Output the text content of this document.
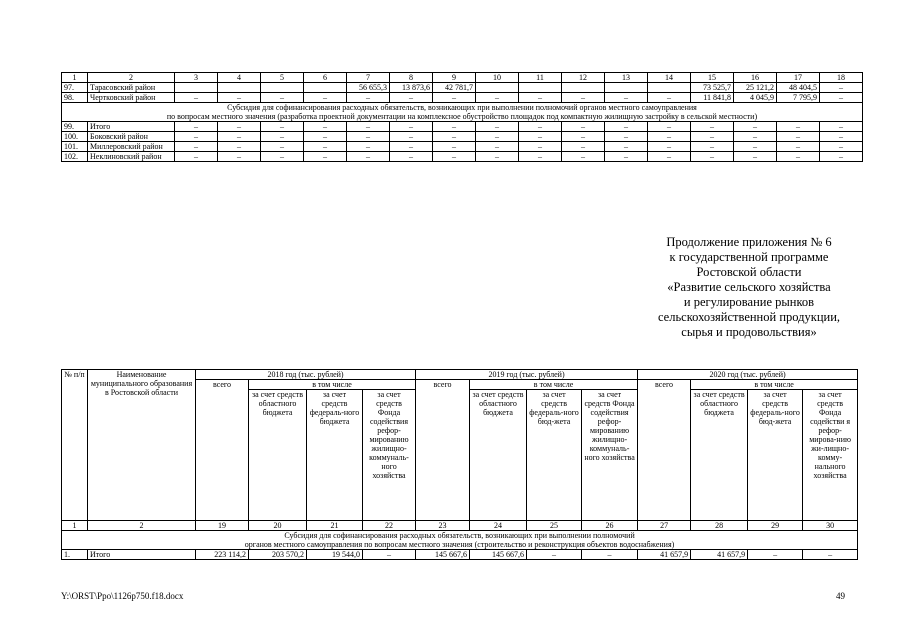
1	2	3	4	5	6	7	8	9	10	11	12	13	14	15	16	17	18
97.	Тарасовский район					56 655,3	13 873,6	42 781,7						73 525,7	25 121,2	48 404,5	–
98.	Чертковский район	–	–	–	–	–	–	–	–	–	–	–	–	11 841,8	4 045,9	7 795,9	–

Субсидия для софинансирования расходных обязательств, возникающих при выполнении полномочий органов местного самоуправления
по вопросам местного значения (разработка проектной документации на комплексное обустройство площадок под компактную жилищную застройку в сельской местности)																	

99.	Итого	–	–	–	–	–	–	–	–	–	–	–	–	–	–	–	–
100.	Боковский район	–	–	–	–	–	–	–	–	–	–	–	–	–	–	–	–
101.	Миллеровский район	–	–	–	–	–	–	–	–	–	–	–	–	–	–	–	–
102.	Неклиновский район	–	–	–	–	–	–	–	–	–	–	–	–	–	–	–	–
Продолжение приложения № 6
к государственной программе
Ростовской области
«Развитие сельского хозяйства
и регулирование рынков
сельскохозяйственной продукции,
сырья и продовольствия»
№ п/п	Наименование муниципального образования в Ростовской области	2018 год (тыс. рублей)				2019 год (тыс. рублей)				2020 год (тыс. рублей)			
		всего	в том числе			всего	в том числе			всего	в том числе		
			за счет средств областного бюджета	за счет средств федераль-ного бюджета	за счет средств Фонда содействия рефор-мированию жилищно-коммуналь-ного хозяйства		за счет средств областного бюджета	за счет средств федераль-ного бюд-жета	за счет средств Фонда содействия рефор-мированию жилищно-коммуналь-ного хозяйства		за счет средств областного бюджета	за счет средств федераль-ного бюд-жета	за счет средств Фонда содействи я рефор-мирова-нию жи-лищно-комму-нального хозяйства
1	2	19	20	21	22	23	24	25	26	27	28	29	30

Субсидия для софинансирования расходных обязательств, возникающих при выполнении полномочий
органов местного самоуправления по вопросам местного значения (строительство и реконструкция объектов водоснабжения)													

1.	Итого	223 114,2	203 570,2	19 544,0	–	145 667,6	145 667,6	–	–	41 657,9	41 657,9	–	–
Y:\ORST\Ppo\1126p750.f18.docx	49
